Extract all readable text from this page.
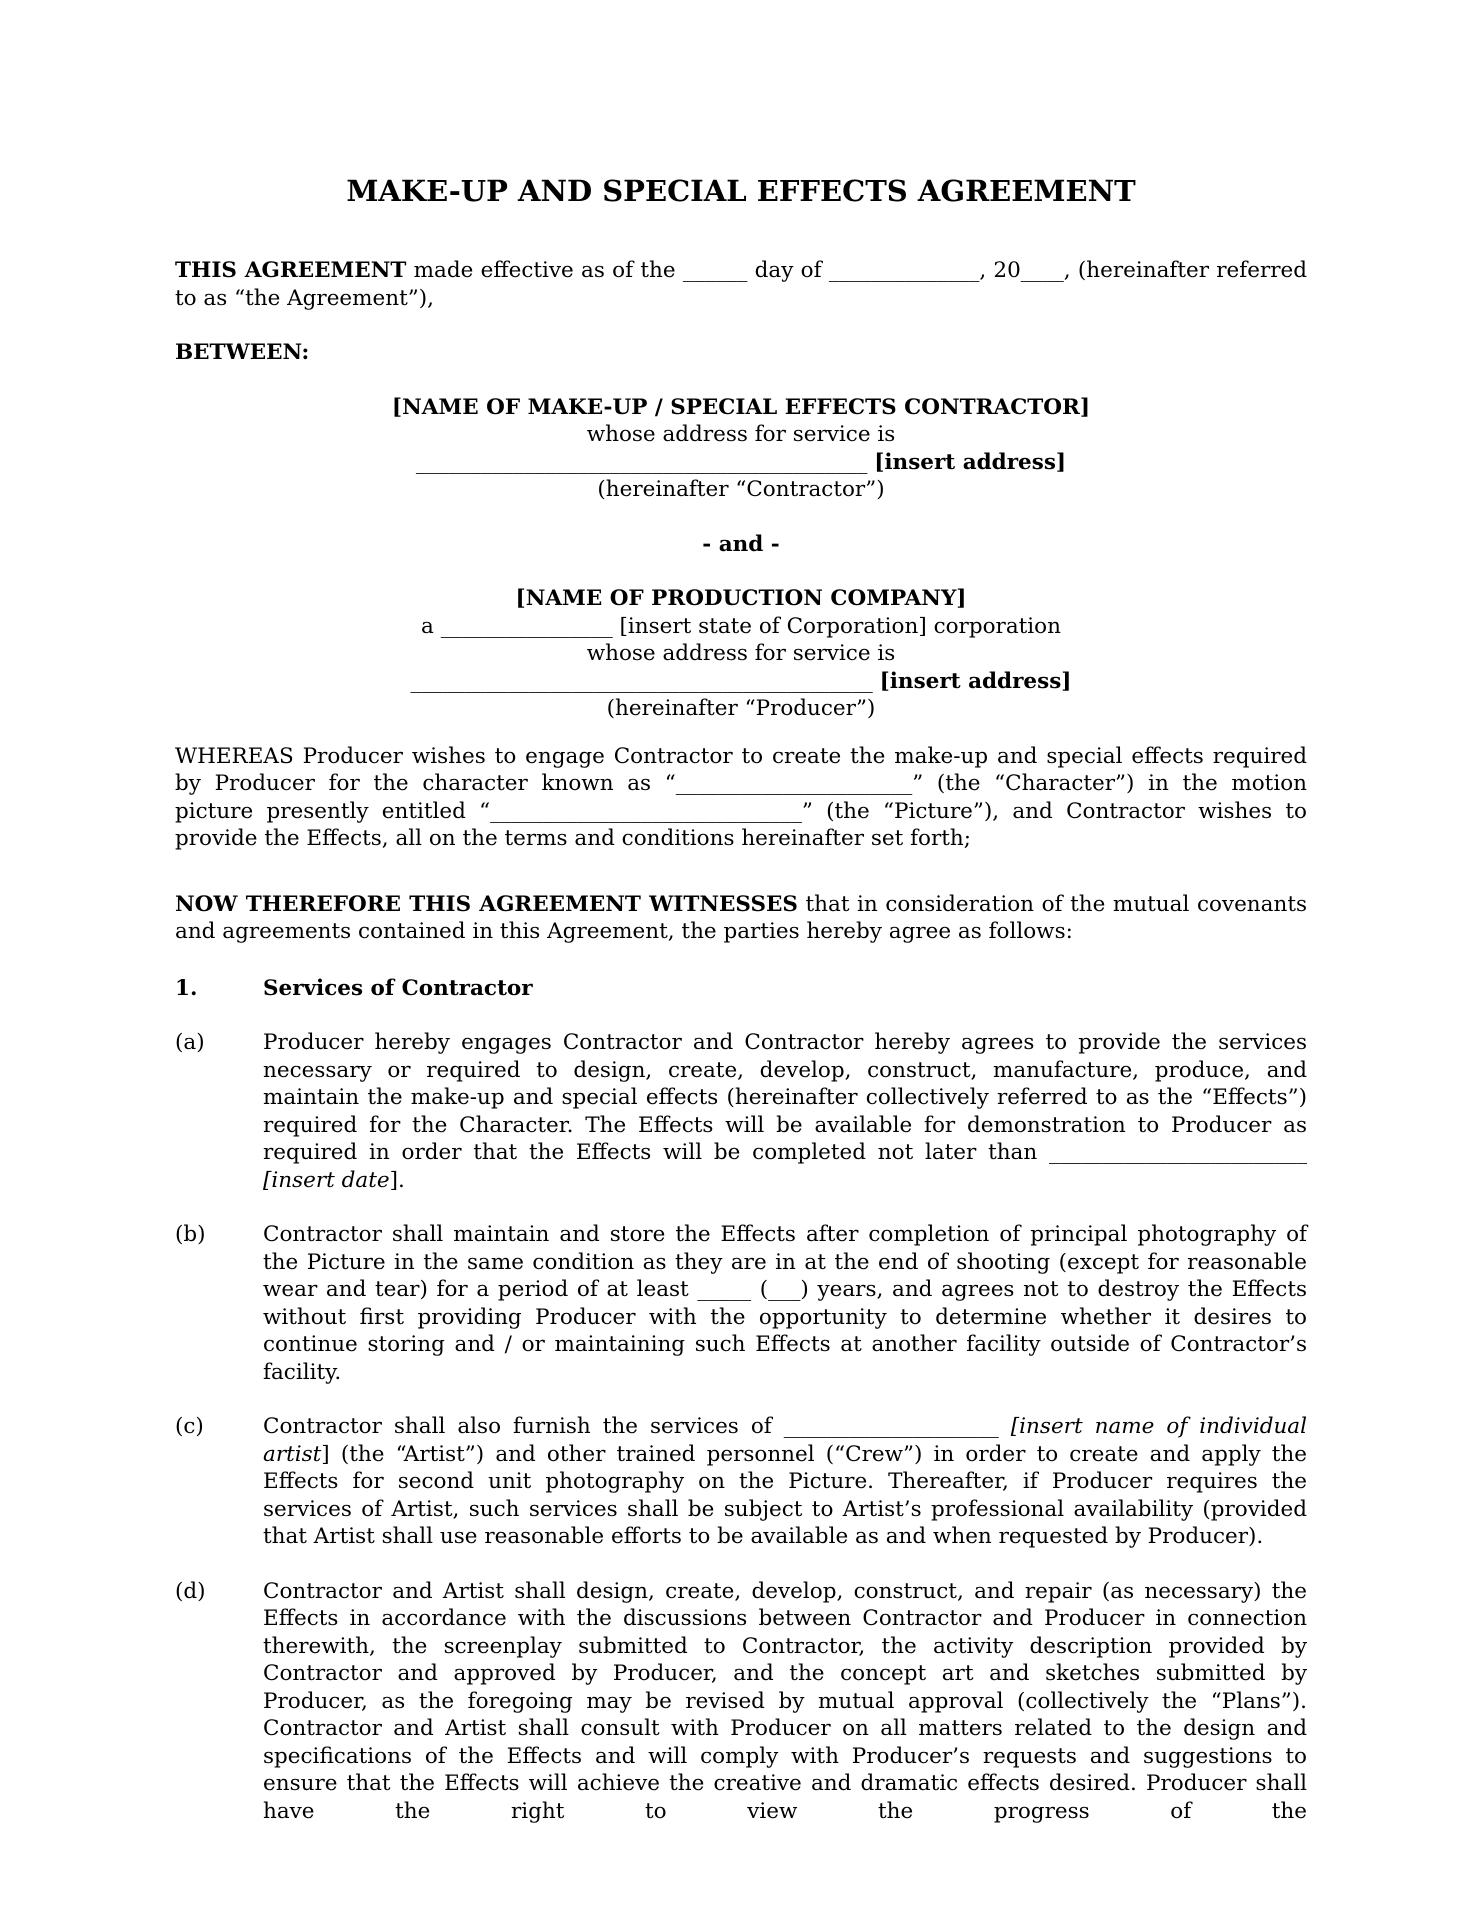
MAKE-UP AND SPECIAL EFFECTS AGREEMENT

THIS AGREEMENT made effective as of the ______ day of ______________, 20____, (hereinafter referred to as “the Agreement”),

BETWEEN:

[NAME OF MAKE-UP / SPECIAL EFFECTS CONTRACTOR]
whose address for service is
__________________________________________ [insert address]
(hereinafter “Contractor”)
- and -
[NAME OF PRODUCTION COMPANY]
a ________________ [insert state of Corporation] corporation
whose address for service is
___________________________________________ [insert address]
(hereinafter “Producer”)

WHEREAS Producer wishes to engage Contractor to create the make-up and special effects required by Producer for the character known as “______________________” (the “Character”) in the motion picture presently entitled “_____________________________” (the “Picture”), and Contractor wishes to provide the Effects, all on the terms and conditions hereinafter set forth;

NOW THEREFORE THIS AGREEMENT WITNESSES that in consideration of the mutual covenants and agreements contained in this Agreement, the parties hereby agree as follows:

1.	Services of Contractor
(a)	Producer hereby engages Contractor and Contractor hereby agrees to provide the services necessary or required to design, create, develop, construct, manufacture, produce, and maintain the make-up and special effects (hereinafter collectively referred to as the “Effects”) required for the Character. The Effects will be available for demonstration to Producer as required in order that the Effects will be completed not later than ________________________ [insert date].
(b)	Contractor shall maintain and store the Effects after completion of principal photography of the Picture in the same condition as they are in at the end of shooting (except for reasonable wear and tear) for a period of at least _____ (___) years, and agrees not to destroy the Effects without first providing Producer with the opportunity to determine whether it desires to continue storing and / or maintaining such Effects at another facility outside of Contractor’s facility.
(c)	Contractor shall also furnish the services of ____________________ [insert name of individual artist] (the “Artist”) and other trained personnel (“Crew”) in order to create and apply the Effects for second unit photography on the Picture. Thereafter, if Producer requires the services of Artist, such services shall be subject to Artist’s professional availability (provided that Artist shall use reasonable efforts to be available as and when requested by Producer).
(d)	Contractor and Artist shall design, create, develop, construct, and repair (as necessary) the Effects in accordance with the discussions between Contractor and Producer in connection therewith, the screenplay submitted to Contractor, the activity description provided by Contractor and approved by Producer, and the concept art and sketches submitted by Producer, as the foregoing may be revised by mutual approval (collectively the “Plans”). Contractor and Artist shall consult with Producer on all matters related to the design and specifications of the Effects and will comply with Producer’s requests and suggestions to ensure that the Effects will achieve the creative and dramatic effects desired. Producer shall have the right to view the progress of the
